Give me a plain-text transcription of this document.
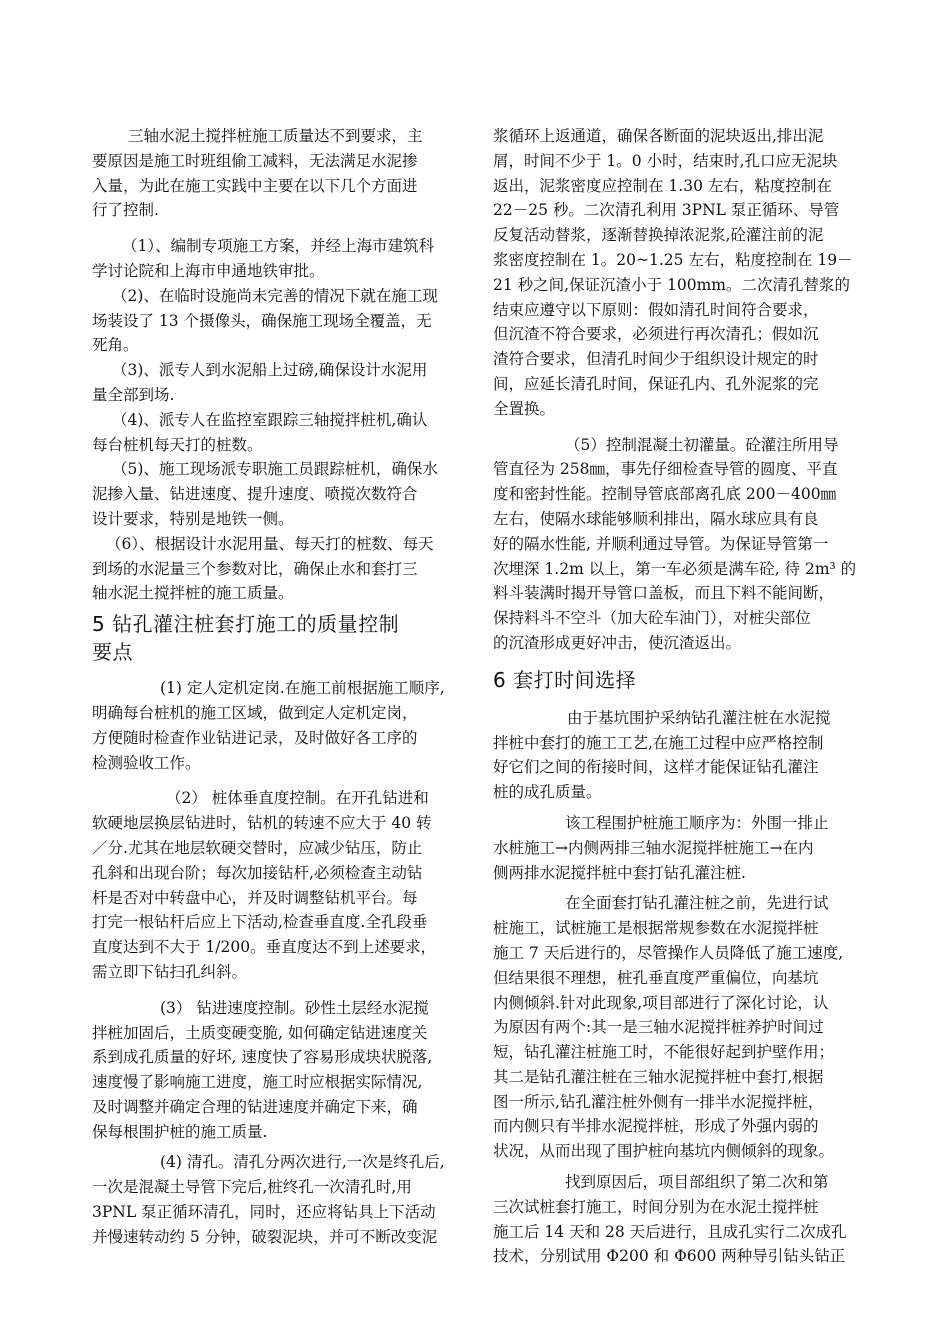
三轴水泥土搅拌桩施工质量达不到要求，主
要原因是施工时班组偷工减料，无法满足水泥掺
入量，为此在施工实践中主要在以下几个方面进
行了控制.
（1）、编制专项施工方案，并经上海市建筑科
学讨论院和上海市申通地铁审批。
（2)、在临时设施尚未完善的情况下就在施工现
场装设了 13 个摄像头，确保施工现场全覆盖，无
死角。
（3)、派专人到水泥船上过磅,确保设计水泥用
量全部到场.
（4)、派专人在监控室跟踪三轴搅拌桩机,确认
每台桩机每天打的桩数。
（5)、施工现场派专职施工员跟踪桩机，确保水
泥掺入量、钻进速度、提升速度、喷搅次数符合
设计要求，特别是地铁一侧。
（6）、根据设计水泥用量、每天打的桩数、每天
到场的水泥量三个参数对比，确保止水和套打三
轴水泥土搅拌桩的施工质量。
5 钻孔灌注桩套打施工的质量控制
要点
(1) 定人定机定岗.在施工前根据施工顺序,
明确每台桩机的施工区域，做到定人定机定岗，
方便随时检查作业钻进记录，及时做好各工序的
检测验收工作。
（2） 桩体垂直度控制。在开孔钻进和
软硬地层换层钻进时，钻机的转速不应大于 40 转
／分.尤其在地层软硬交替时，应减少钻压，防止
孔斜和出现台阶；每次加接钻杆,必须检查主动钻
杆是否对中转盘中心，并及时调整钻机平台。每
打完一根钻杆后应上下活动,检查垂直度.全孔段垂
直度达到不大于 1/200。垂直度达不到上述要求，
需立即下钻扫孔纠斜。
(3） 钻进速度控制。砂性土层经水泥搅
拌桩加固后，土质变硬变脆, 如何确定钻进速度关
系到成孔质量的好坏, 速度快了容易形成块状脱落,
速度慢了影响施工进度，施工时应根据实际情况,
及时调整并确定合理的钻进速度并确定下来，确
保每根围护桩的施工质量.
(4) 清孔。清孔分两次进行,一次是终孔后,
一次是混凝土导管下完后,桩终孔一次清孔时,用
3PNL 泵正循环清孔，同时，还应将钻具上下活动
并慢速转动约 5 分钟，破裂泥块，并可不断改变泥
浆循环上返通道，确保各断面的泥块返出,排出泥
屑，时间不少于 1。0 小时，结束时,孔口应无泥块
返出，泥浆密度应控制在 1.30 左右，粘度控制在
22－25 秒。二次清孔利用 3PNL 泵正循环、导管
反复活动替浆，逐渐替换掉浓泥浆,砼灌注前的泥
浆密度控制在 1。20~1.25 左右，粘度控制在 19－
21 秒之间,保证沉渣小于 100mm。二次清孔替浆的
结束应遵守以下原则：假如清孔时间符合要求，
但沉渣不符合要求，必须进行再次清孔；假如沉
渣符合要求，但清孔时间少于组织设计规定的时
间，应延长清孔时间，保证孔内、孔外泥浆的完
全置换。
（5）控制混凝土初灌量。砼灌注所用导
管直径为 258㎜，事先仔细检查导管的圆度、平直
度和密封性能。控制导管底部离孔底 200－400㎜
左右，使隔水球能够顺利排出，隔水球应具有良
好的隔水性能, 并顺利通过导管。为保证导管第一
次埋深 1.2m 以上，第一车必须是满车砼, 待 2m³ 的
料斗装满时揭开导管口盖板，而且下料不能间断，
保持料斗不空斗（加大砼车油门），对桩尖部位
的沉渣形成更好冲击，使沉渣返出。
6 套打时间选择
由于基坑围护采纳钻孔灌注桩在水泥搅
拌桩中套打的施工工艺,在施工过程中应严格控制
好它们之间的衔接时间，这样才能保证钻孔灌注
桩的成孔质量。
该工程围护桩施工顺序为：外围一排止
水桩施工→内侧两排三轴水泥搅拌桩施工→在内
侧两排水泥搅拌桩中套打钻孔灌注桩.
在全面套打钻孔灌注桩之前，先进行试
桩施工，试桩施工是根据常规参数在水泥搅拌桩
施工 7 天后进行的，尽管操作人员降低了施工速度,
但结果很不理想，桩孔垂直度严重偏位，向基坑
内侧倾斜.针对此现象,项目部进行了深化讨论，认
为原因有两个:其一是三轴水泥搅拌桩养护时间过
短，钻孔灌注桩施工时，不能很好起到护壁作用；
其二是钻孔灌注桩在三轴水泥搅拌桩中套打,根据
图一所示,钻孔灌注桩外侧有一排半水泥搅拌桩，
而内侧只有半排水泥搅拌桩，形成了外强内弱的
状况，从而出现了围护桩向基坑内侧倾斜的现象。
找到原因后，项目部组织了第二次和第
三次试桩套打施工，时间分别为在水泥土搅拌桩
施工后 14 天和 28 天后进行，且成孔实行二次成孔
技术，分别试用 Φ200 和 Φ600 两种导引钻头钻正
